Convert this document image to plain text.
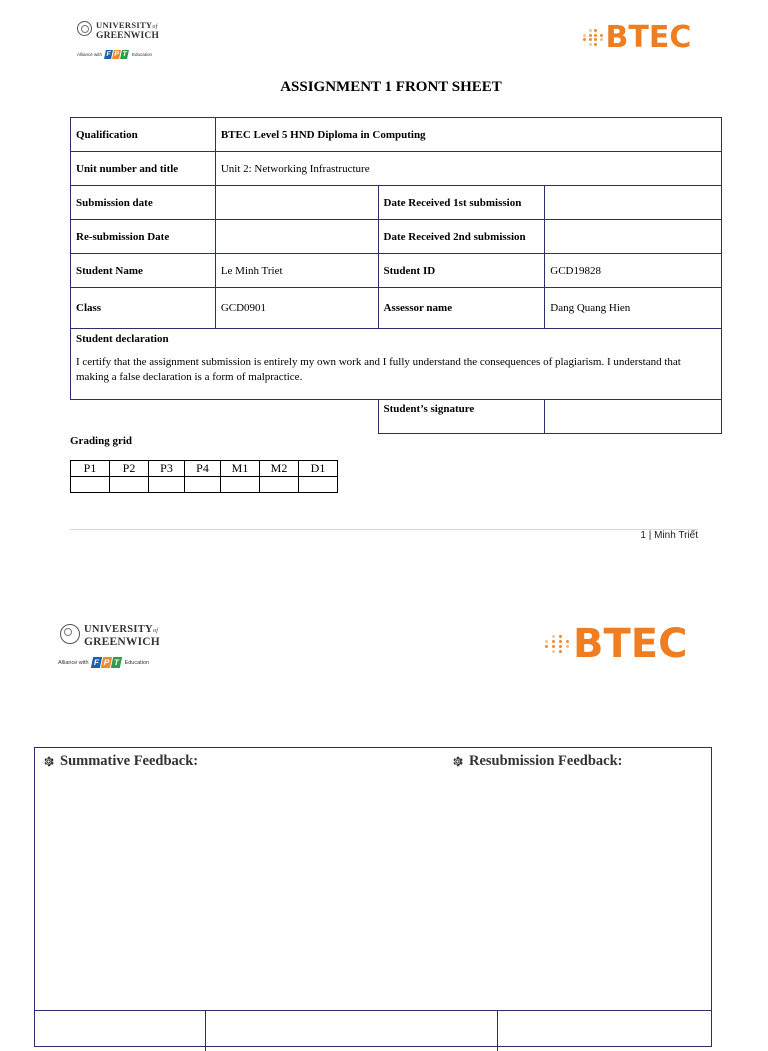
UNIVERSITYof
GREENWICH
Alliance with F P T	Education	BTEC
ASSIGNMENT 1 FRONT SHEET
Qualification	BTEC Level 5 HND Diploma in Computing		
Unit number and title	Unit 2: Networking Infrastructure		
Submission date		Date Received 1st submission	
Re-submission Date		Date Received 2nd submission	
Student Name	Le Minh Triet	Student ID	GCD19828
Class	GCD0901	Assessor name	Dang Quang Hien

Student declaration
I certify that the assignment submission is entirely my own work and I fully understand the consequences of plagiarism. I understand that making a false declaration is a form of malpractice.			

		Student’s signature	
Grading grid
P1	P2	P3	P4	M1	M2	D1

1 | Minh Triết
UNIVERSITYof
GREENWICH
Alliance with F P T Education	BTEC
Summative Feedback:	Resubmission Feedback:
